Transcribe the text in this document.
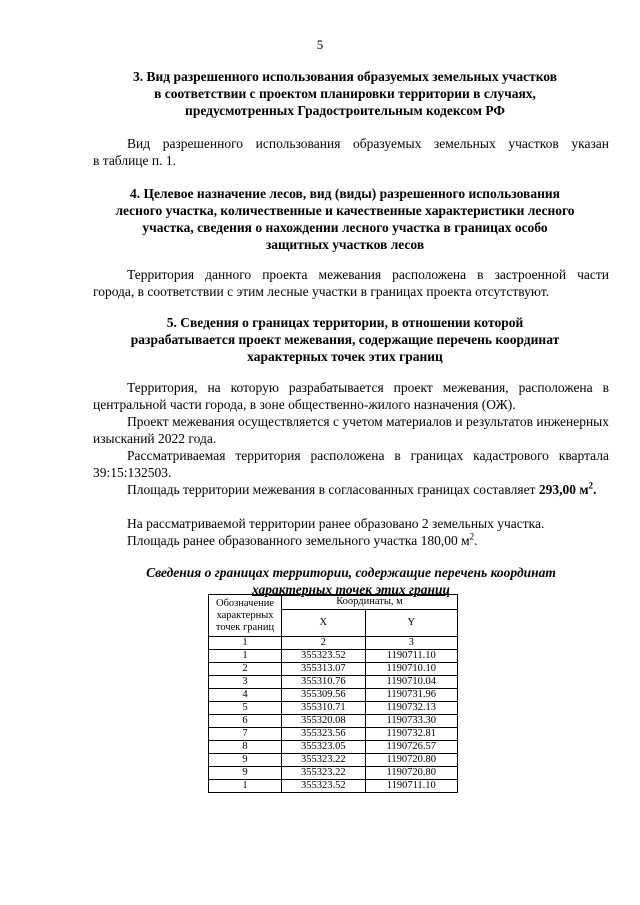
5
3. Вид разрешенного использования образуемых земельных участков
в соответствии с проектом планировки территории в случаях,
предусмотренных Градостроительным кодексом РФ
Вид разрешенного использования образуемых земельных участков указан
в таблице п. 1.
4. Целевое назначение лесов, вид (виды) разрешенного использования
лесного участка, количественные и качественные характеристики лесного
участка, сведения о нахождении лесного участка в границах особо
защитных участков лесов
Территория данного проекта межевания расположена в застроенной части
города, в соответствии с этим лесные участки в границах проекта отсутствуют.
5. Сведения о границах территории, в отношении которой
разрабатывается проект межевания, содержащие перечень координат
характерных точек этих границ
Территория, на которую разрабатывается проект межевания, расположена в центральной части города, в зоне общественно-жилого назначения (ОЖ).
Проект межевания осуществляется с учетом материалов и результатов инженерных изысканий 2022 года.
Рассматриваемая территория расположена в границах кадастрового квартала 39:15:132503.
Площадь территории межевания в согласованных границах составляет 293,00 $м^2$.
На рассматриваемой территории ранее образовано 2 земельных участка.
Площадь ранее образованного земельного участка 180,00 $м^2$.
Сведения о границах территории, содержащие перечень координат
характерных точек этих границ
Обозначение характерных точек границ	Координаты, м	
	X	Y
1	2	3
1	355323.52	1190711.10
2	355313.07	1190710.10
3	355310.76	1190710.04
4	355309.56	1190731.96
5	355310.71	1190732.13
6	355320.08	1190733.30
7	355323.56	1190732.81
8	355323.05	1190726.57
9	355323.22	1190720.80
9	355323.22	1190720.80
1	355323.52	1190711.10
